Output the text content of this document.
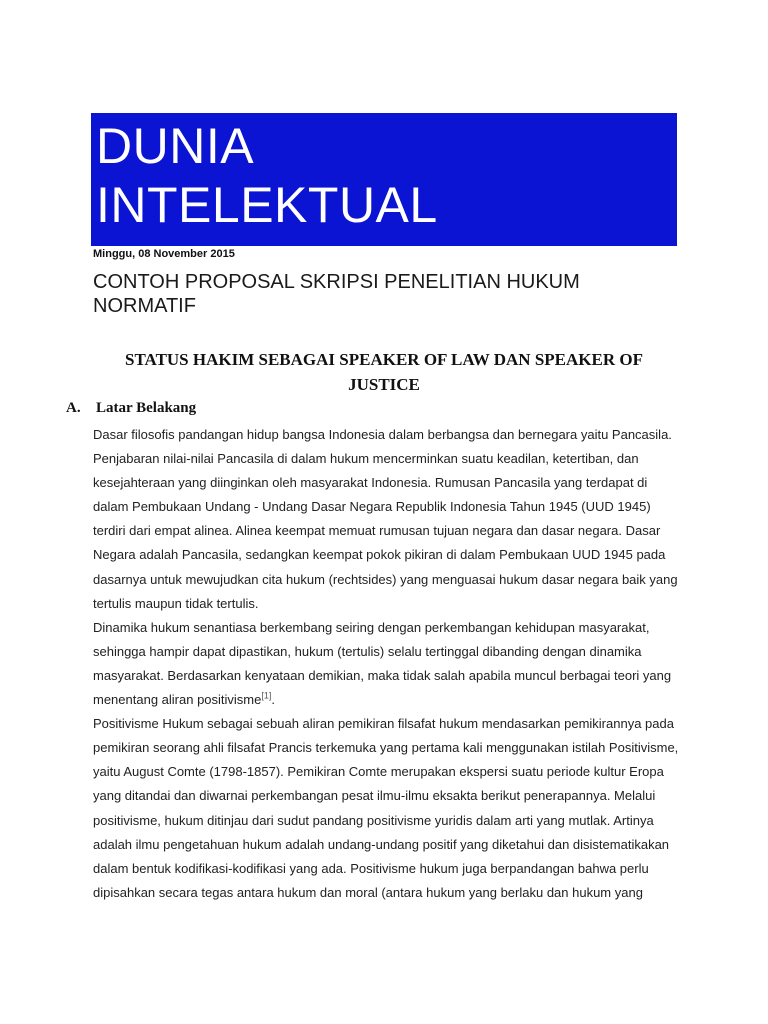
DUNIA
INTELEKTUAL
Minggu, 08 November 2015
CONTOH PROPOSAL SKRIPSI PENELITIAN HUKUM
NORMATIF
STATUS HAKIM SEBAGAI SPEAKER OF LAW DAN SPEAKER OF
JUSTICE
A. Latar Belakang
Dasar filosofis pandangan hidup bangsa Indonesia dalam berbangsa dan bernegara yaitu Pancasila.
Penjabaran nilai-nilai Pancasila di dalam hukum mencerminkan suatu keadilan, ketertiban, dan
kesejahteraan yang diinginkan oleh masyarakat Indonesia. Rumusan Pancasila yang terdapat di
dalam Pembukaan Undang - Undang Dasar Negara Republik Indonesia Tahun 1945 (UUD 1945)
terdiri dari empat alinea. Alinea keempat memuat rumusan tujuan negara dan dasar negara. Dasar
Negara adalah Pancasila, sedangkan keempat pokok pikiran di dalam Pembukaan UUD 1945 pada
dasarnya untuk mewujudkan cita hukum (rechtsides) yang menguasai hukum dasar negara baik yang
tertulis maupun tidak tertulis.
Dinamika hukum senantiasa berkembang seiring dengan perkembangan kehidupan masyarakat,
sehingga hampir dapat dipastikan, hukum (tertulis) selalu tertinggal dibanding dengan dinamika
masyarakat. Berdasarkan kenyataan demikian, maka tidak salah apabila muncul berbagai teori yang
menentang aliran positivisme[1].
Positivisme Hukum sebagai sebuah aliran pemikiran filsafat hukum mendasarkan pemikirannya pada
pemikiran seorang ahli filsafat Prancis terkemuka yang pertama kali menggunakan istilah Positivisme,
yaitu August Comte (1798-1857). Pemikiran Comte merupakan ekspersi suatu periode kultur Eropa
yang ditandai dan diwarnai perkembangan pesat ilmu-ilmu eksakta berikut penerapannya. Melalui
positivisme, hukum ditinjau dari sudut pandang positivisme yuridis dalam arti yang mutlak. Artinya
adalah ilmu pengetahuan hukum adalah undang-undang positif yang diketahui dan disistematikakan
dalam bentuk kodifikasi-kodifikasi yang ada. Positivisme hukum juga berpandangan bahwa perlu
dipisahkan secara tegas antara hukum dan moral (antara hukum yang berlaku dan hukum yang
